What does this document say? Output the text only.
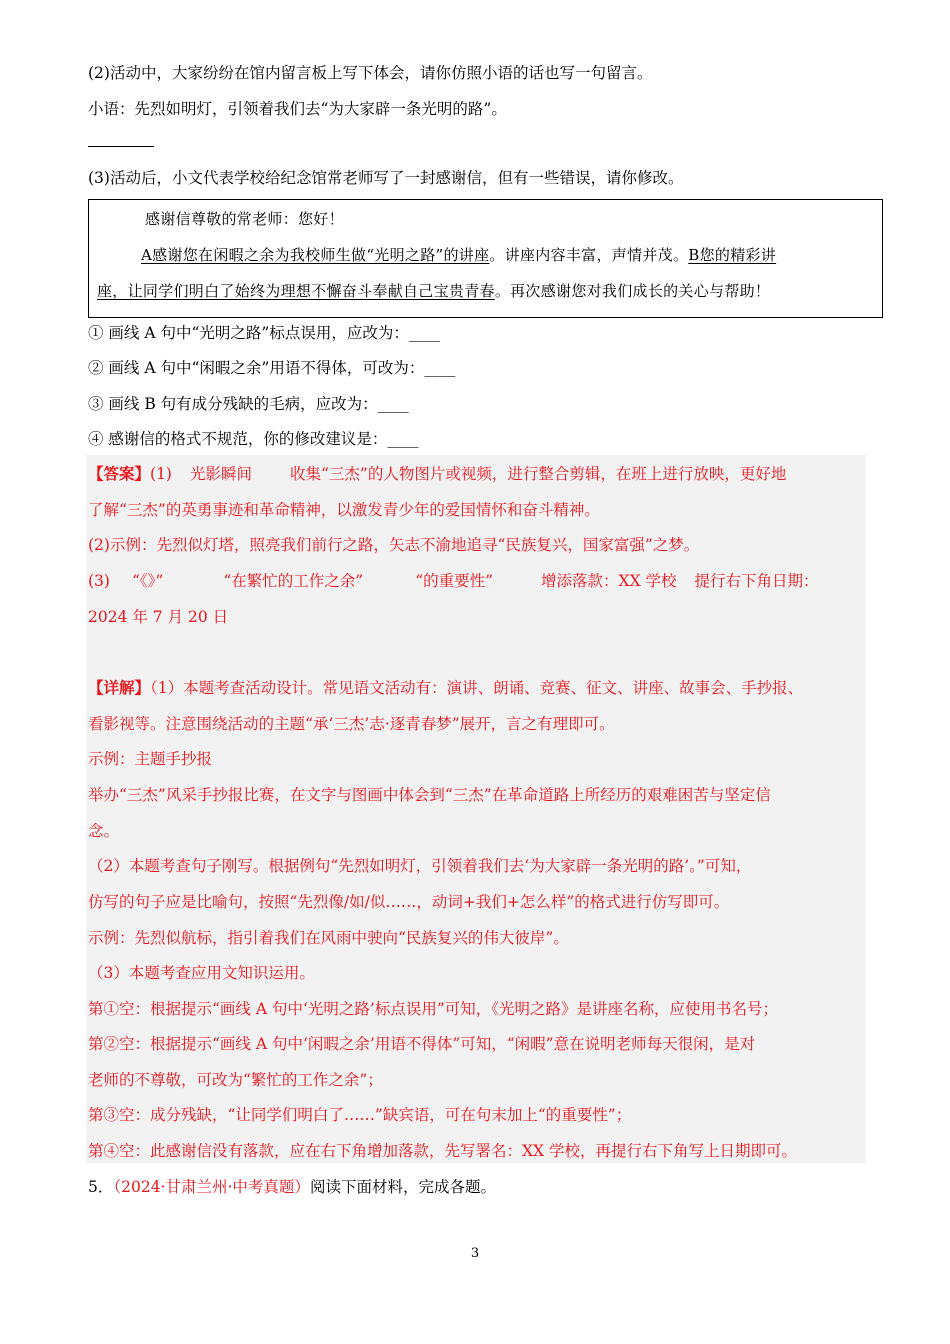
(2)活动中，大家纷纷在馆内留言板上写下体会，请你仿照小语的话也写一句留言。
小语：先烈如明灯，引领着我们去“为大家辟一条光明的路”。
(3)活动后，小文代表学校给纪念馆常老师写了一封感谢信，但有一些错误，请你修改。
感谢信尊敬的常老师：您好！
A感谢您在闲暇之余为我校师生做“光明之路”的讲座。讲座内容丰富，声情并茂。B您的精彩讲
座，让同学们明白了始终为理想不懈奋斗奉献自己宝贵青春。再次感谢您对我们成长的关心与帮助！
① 画线 A 句中“光明之路”标点误用，应改为：____
② 画线 A 句中“闲暇之余”用语不得体，可改为：____
③ 画线 B 句有成分残缺的毛病，应改为：____
④ 感谢信的格式不规范，你的修改建议是：____
【答案】(1) 光影瞬间 收集“三杰”的人物图片或视频，进行整合剪辑，在班上进行放映，更好地
了解“三杰”的英勇事迹和革命精神，以激发青少年的爱国情怀和奋斗精神。
(2)示例：先烈似灯塔，照亮我们前行之路，矢志不渝地追寻“民族复兴，国家富强”之梦。
(3) “《》”	“在繁忙的工作之余”	“的重要性”	增添落款：XX 学校 提行右下角日期：
2024 年 7 月 20 日
【详解】（1）本题考查活动设计。常见语文活动有：演讲、朗诵、竞赛、征文、讲座、故事会、手抄报、
看影视等。注意围绕活动的主题“承‘三杰’志·逐青春梦”展开，言之有理即可。
示例：主题手抄报
举办“三杰”风采手抄报比赛，在文字与图画中体会到“三杰”在革命道路上所经历的艰难困苦与坚定信
念。
（2）本题考查句子刚写。根据例句“先烈如明灯，引领着我们去‘为大家辟一条光明的路’。”可知，
仿写的句子应是比喻句，按照“先烈像/如/似……，动词+我们+怎么样”的格式进行仿写即可。
示例：先烈似航标，指引着我们在风雨中驶向“民族复兴的伟大彼岸”。
（3）本题考查应用文知识运用。
第①空：根据提示“画线 A 句中‘光明之路’标点误用”可知，《光明之路》是讲座名称，应使用书名号；
第②空：根据提示“画线 A 句中‘闲暇之余’用语不得体”可知，“闲暇”意在说明老师每天很闲，是对
老师的不尊敬，可改为“繁忙的工作之余”；
第③空：成分残缺，“让同学们明白了……”缺宾语，可在句末加上“的重要性”；
第④空：此感谢信没有落款，应在右下角增加落款，先写署名：XX 学校，再提行右下角写上日期即可。
5．（2024·甘肃兰州·中考真题）阅读下面材料，完成各题。
3
